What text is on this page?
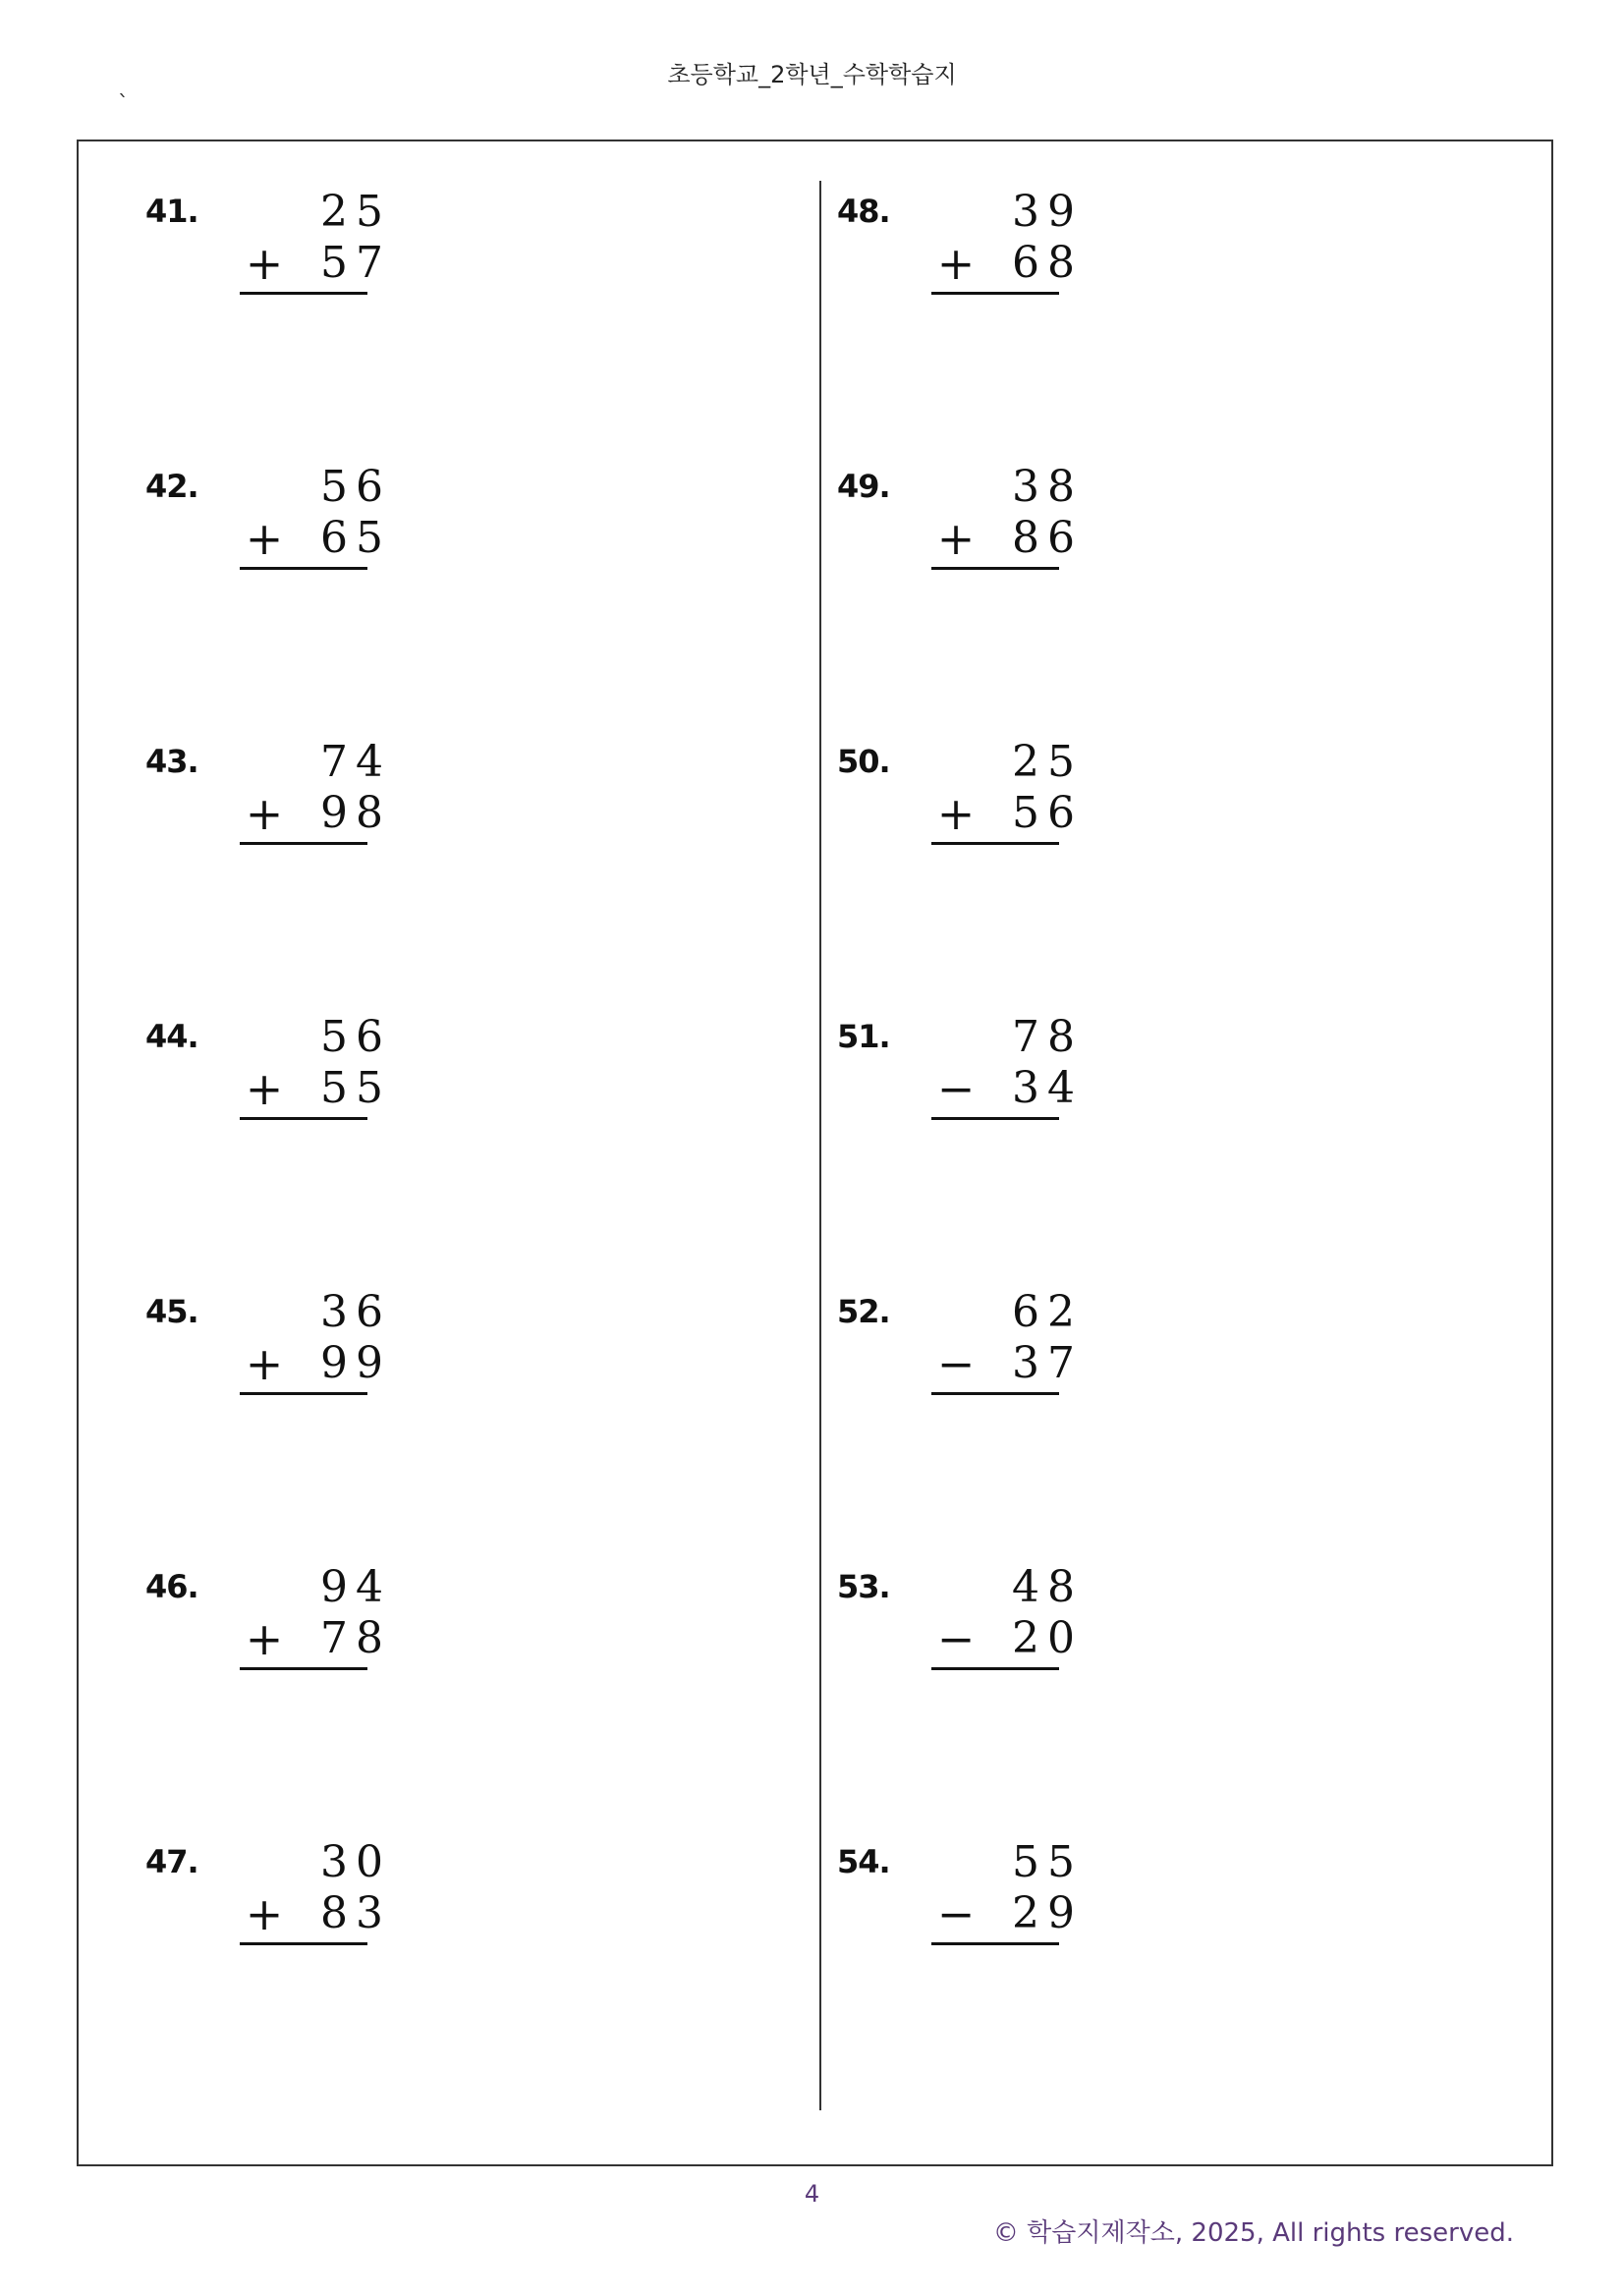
초등학교_2학년_수학학습지
`
41.	25
+ 57
42.	56
+ 65
43.	74
+ 98
44.	56
+ 55
45.	36
+ 99
46.	94
+ 78
47.	30
+ 83
48.	39
+ 68
49.	38
+ 86
50.	25
+ 56
51.	78
− 34
52.	62
− 37
53.	48
− 20
54.	55
− 29
4
© 학습지제작소, 2025, All rights reserved.
